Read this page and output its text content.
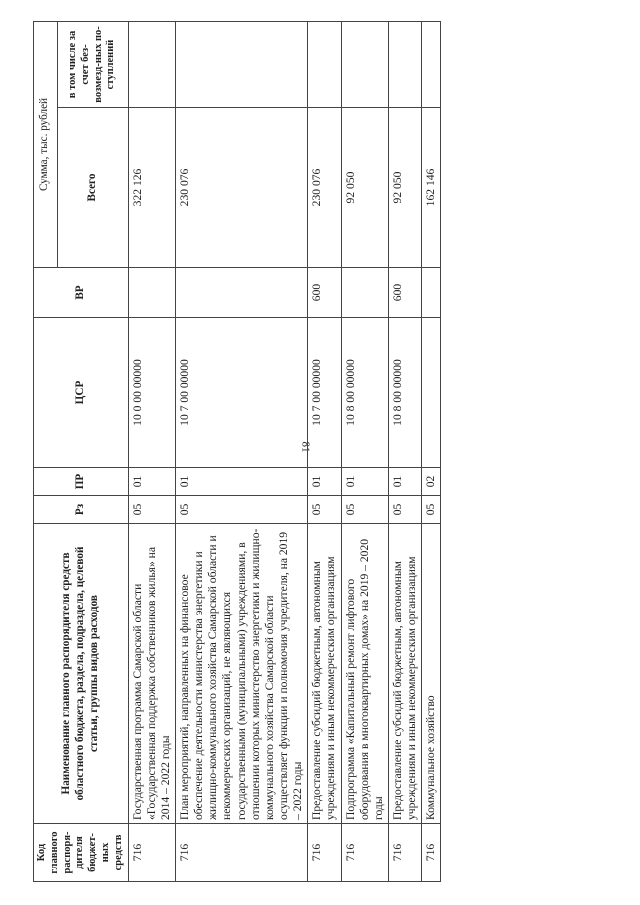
81
Код главного распоря-дителя бюджет-ных средств	Наименование главного распорядителя средств областного бюджета, раздела, подраздела, целевой статьи, группы видов расходов	Рз	ПР	ЦСР	ВР	Сумма, тыс. рублей	
						Всего	в том числе за счет без-возмезд-ных по-ступлений
716	Государственная программа Самарской области «Государственная поддержка собственников жилья» на 2014 – 2022 годы	05	01	10 0 00 00000		322 126	
716	План мероприятий, направленных на финансовое обеспечение деятельности министерства энергетики и жилищно-коммунального хозяйства Самарской области и некоммерческих организаций, не являющихся государственными (муниципальными) учреждениями, в отношении которых министерство энергетики и жилищно-коммунального хозяйства Самарской области осуществляет функции и полномочия учредителя, на 2019 – 2022 годы	05	01	10 7 00 00000		230 076	
716	Предоставление субсидий бюджетным, автономным учреждениям и иным некоммерческим организациям	05	01	10 7 00 00000	600	230 076	
716	Подпрограмма «Капитальный ремонт лифтового оборудования в многоквартирных домах» на 2019 – 2020 годы	05	01	10 8 00 00000		92 050	
716	Предоставление субсидий бюджетным, автономным учреждениям и иным некоммерческим организациям	05	01	10 8 00 00000	600	92 050	
716	Коммунальное хозяйство	05	02			162 146	
